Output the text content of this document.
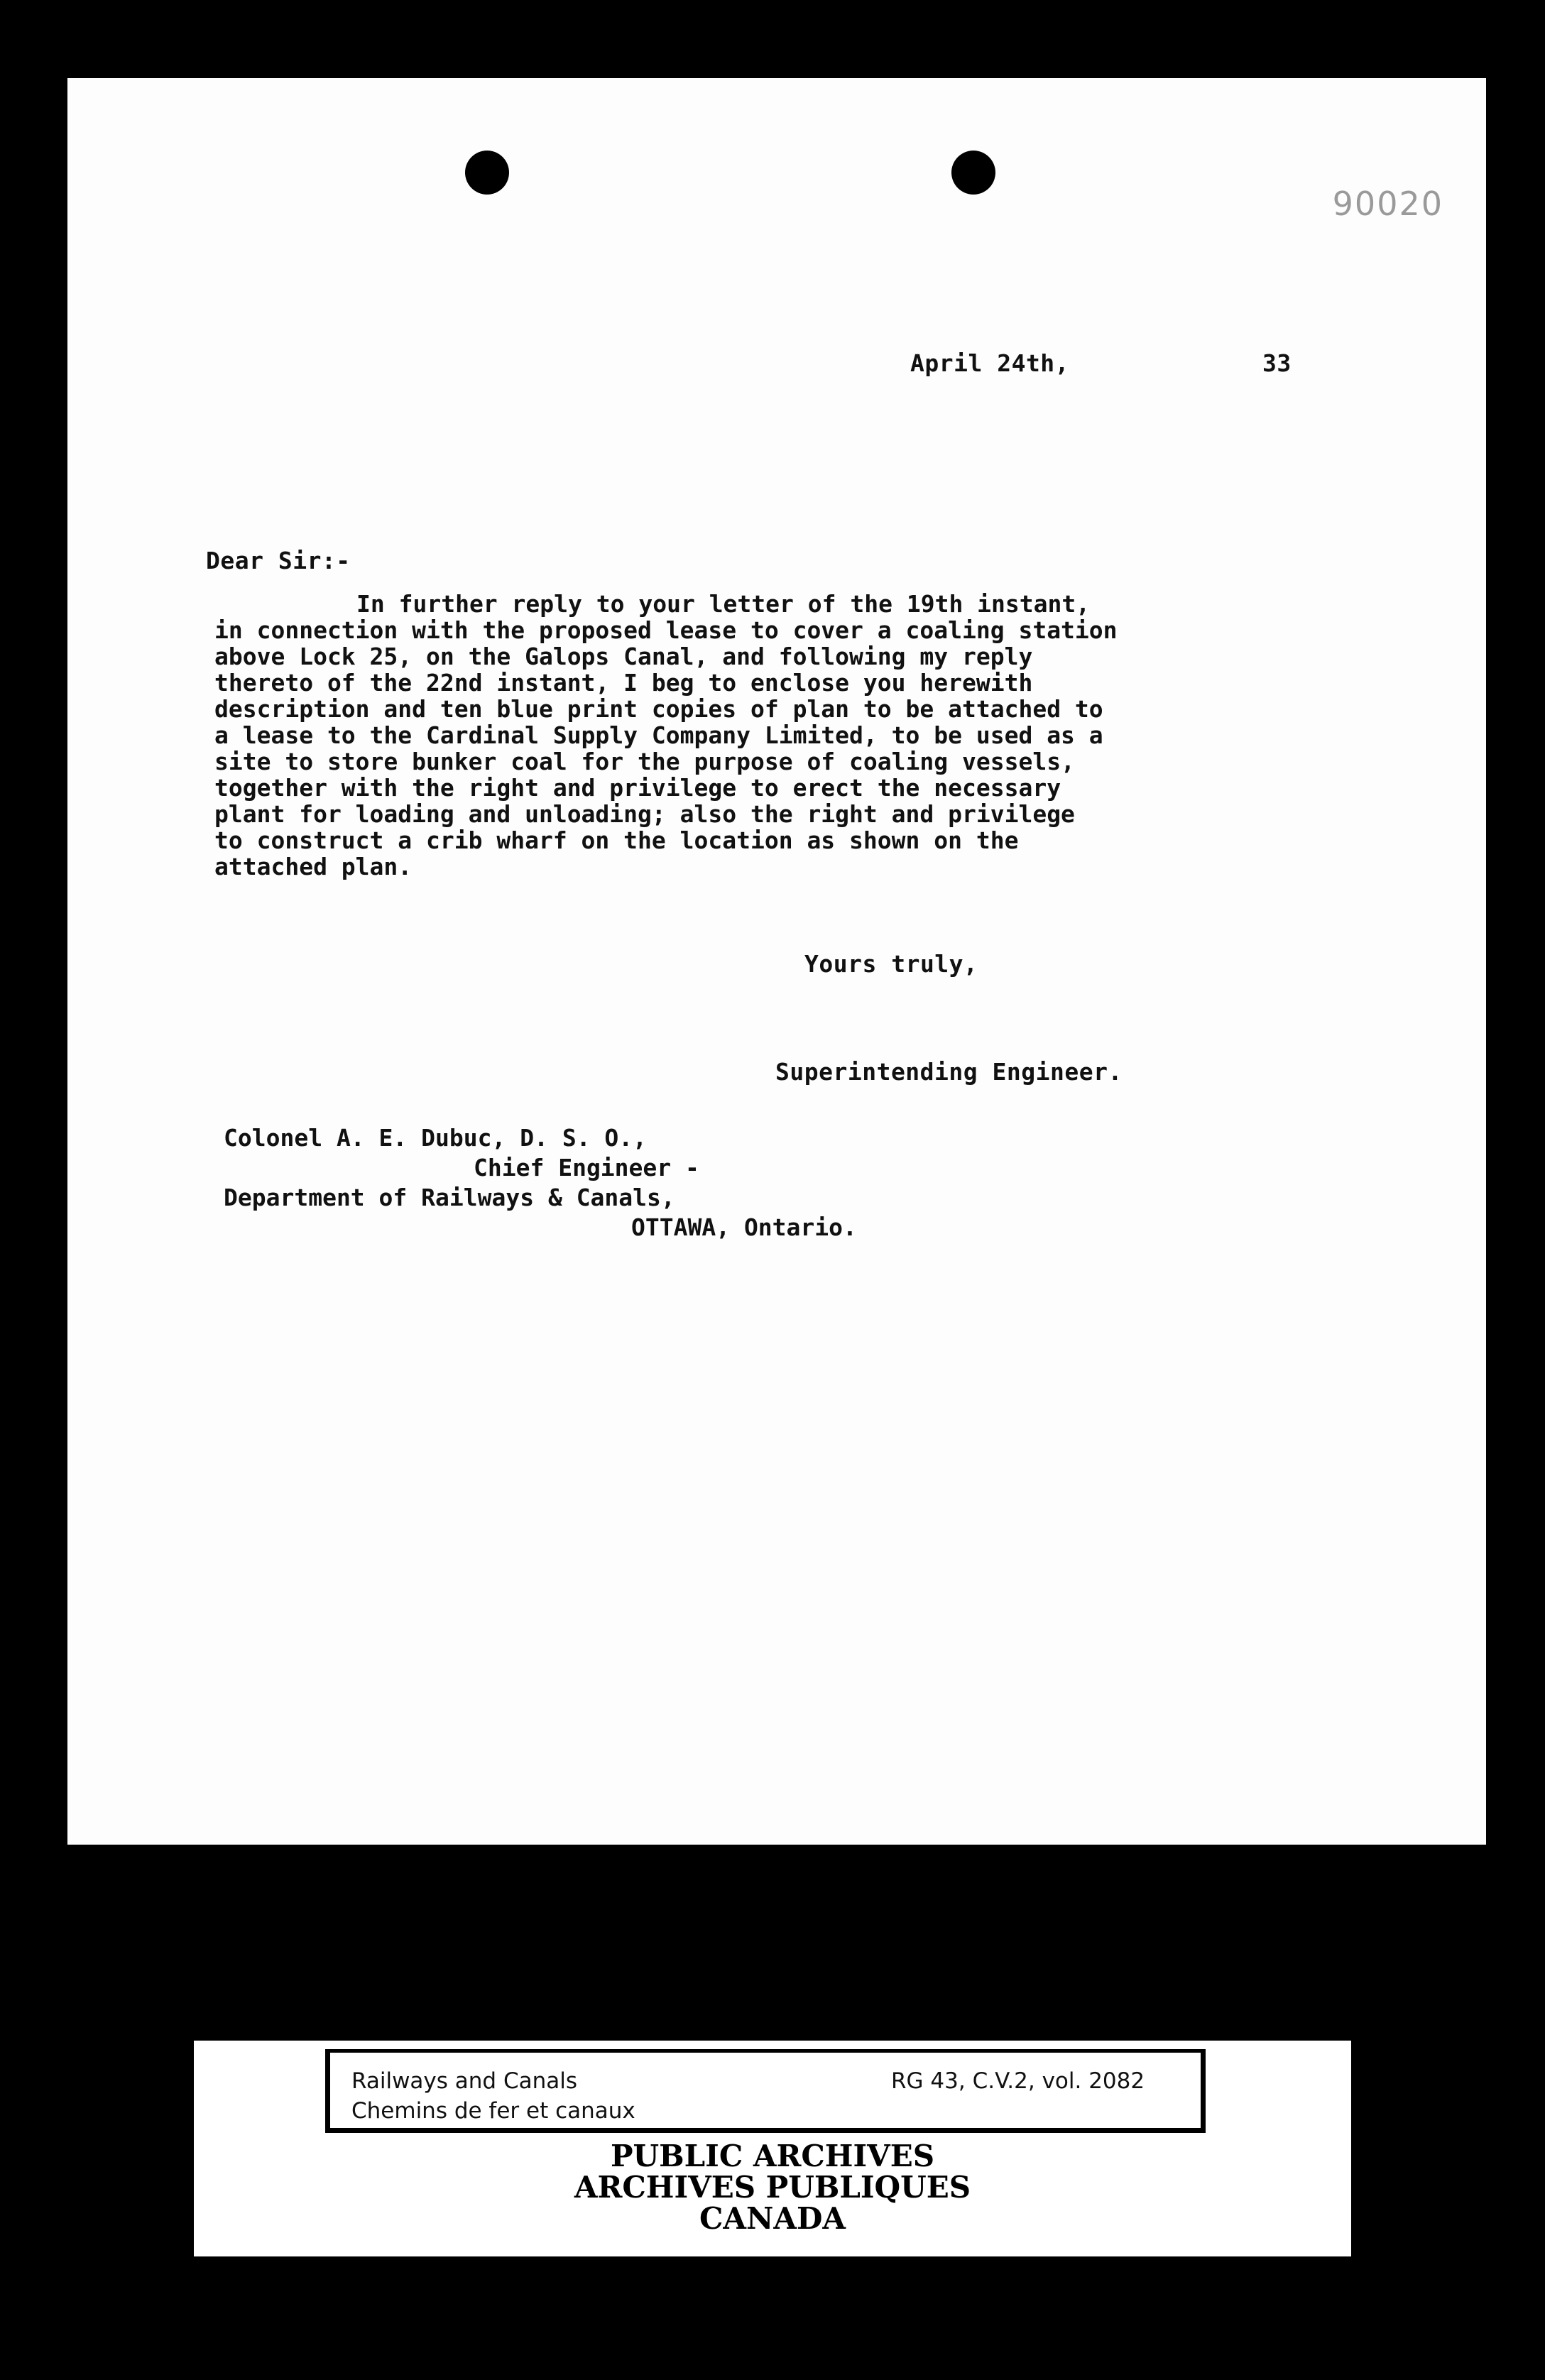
90020
April 24th,	33
Dear Sir:-
In further reply to your letter of the 19th instant,
in connection with the proposed lease to cover a coaling station
above Lock 25, on the Galops Canal, and following my reply
thereto of the 22nd instant, I beg to enclose you herewith
description and ten blue print copies of plan to be attached to
a lease to the Cardinal Supply Company Limited, to be used as a
site to store bunker coal for the purpose of coaling vessels,
together with the right and privilege to erect the necessary
plant for loading and unloading; also the right and privilege
to construct a crib wharf on the location as shown on the
attached plan.
Yours truly,
Superintending Engineer.
Colonel A. E. Dubuc, D. S. O.,
Chief Engineer -
Department of Railways & Canals,
OTTAWA, Ontario.
Railways and Canals
Chemins de fer et canaux
RG 43, C.V.2, vol. 2082
PUBLIC ARCHIVES
ARCHIVES PUBLIQUES
CANADA
